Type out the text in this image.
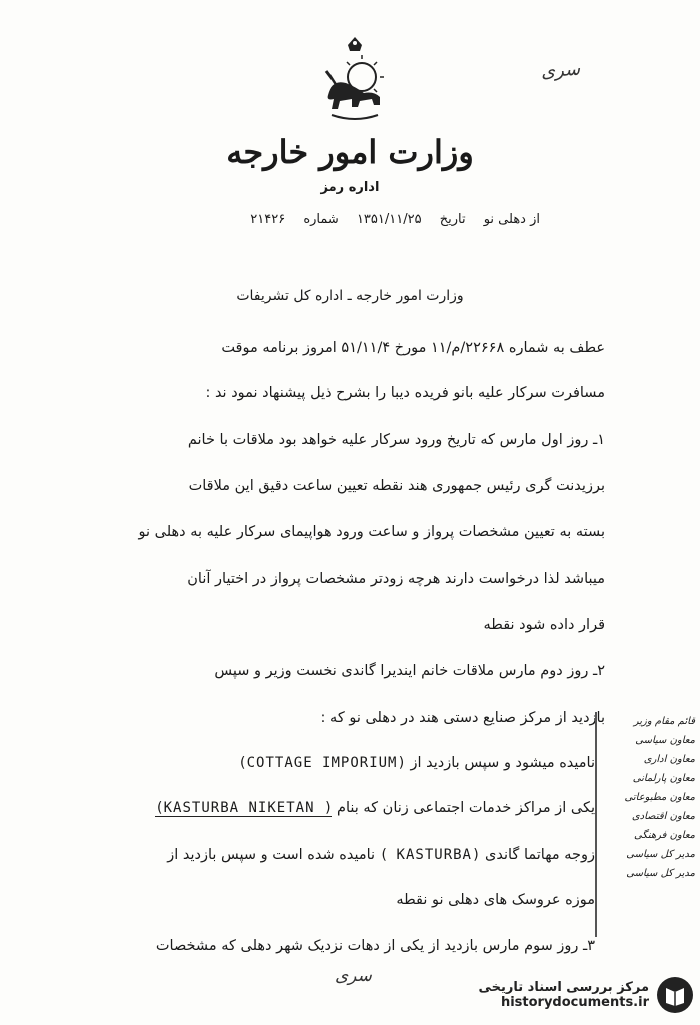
سری
وزارت امور خارجه
اداره رمز
از دهلی نو تاریخ ۱۳۵۱/۱۱/۲۵ شماره ۲۱۴۲۶
وزارت امور خارجه ـ اداره کل تشریفات
عطف به شماره ۲۲۶۶۸/م/۱۱ مورخ ۵۱/۱۱/۴ امروز برنامه موقت
مسافرت سرکار علیه بانو فریده دیبا را بشرح ذیل پیشنهاد نمود ند :
۱ـ روز اول مارس که تاریخ ورود سرکار علیه خواهد بود ملاقات با خانم
برزیدنت گری رئیس جمهوری هند نقطه تعیین ساعت دقیق این ملاقات
بسته به تعیین مشخصات پرواز و ساعت ورود هواپیمای سرکار علیه به دهلی نو
میباشد لذا درخواست دارند هرچه زودتر مشخصات پرواز در اختیار آنان
قرار داده شود نقطه
۲ـ روز دوم مارس ملاقات خانم ایندیرا گاندی نخست وزیر و سپس
بازدید از مرکز صنایع دستی هند در دهلی نو که :
نامیده میشود و سپس بازدید از (COTTAGE IMPORIUM)
یکی از مراکز خدمات اجتماعی زنان که بنام (KASTURBA NIKETAN )
زوجه مهاتما گاندی ( KASTURBA) نامیده شده است و سپس بازدید از
موزه عروسک های دهلی نو نقطه
۳ـ روز سوم مارس بازدید از یکی از دهات نزدیک شهر دهلی که مشخصات
قائم مقام وزیر
معاون سیاسی
معاون اداری
معاون پارلمانی
معاون مطبوعاتی
معاون اقتصادی
معاون فرهنگی
مدیر کل سیاسی
مدیر کل سیاسی
سری
مرکز بررسی اسناد تاریخی
historydocuments.ir
